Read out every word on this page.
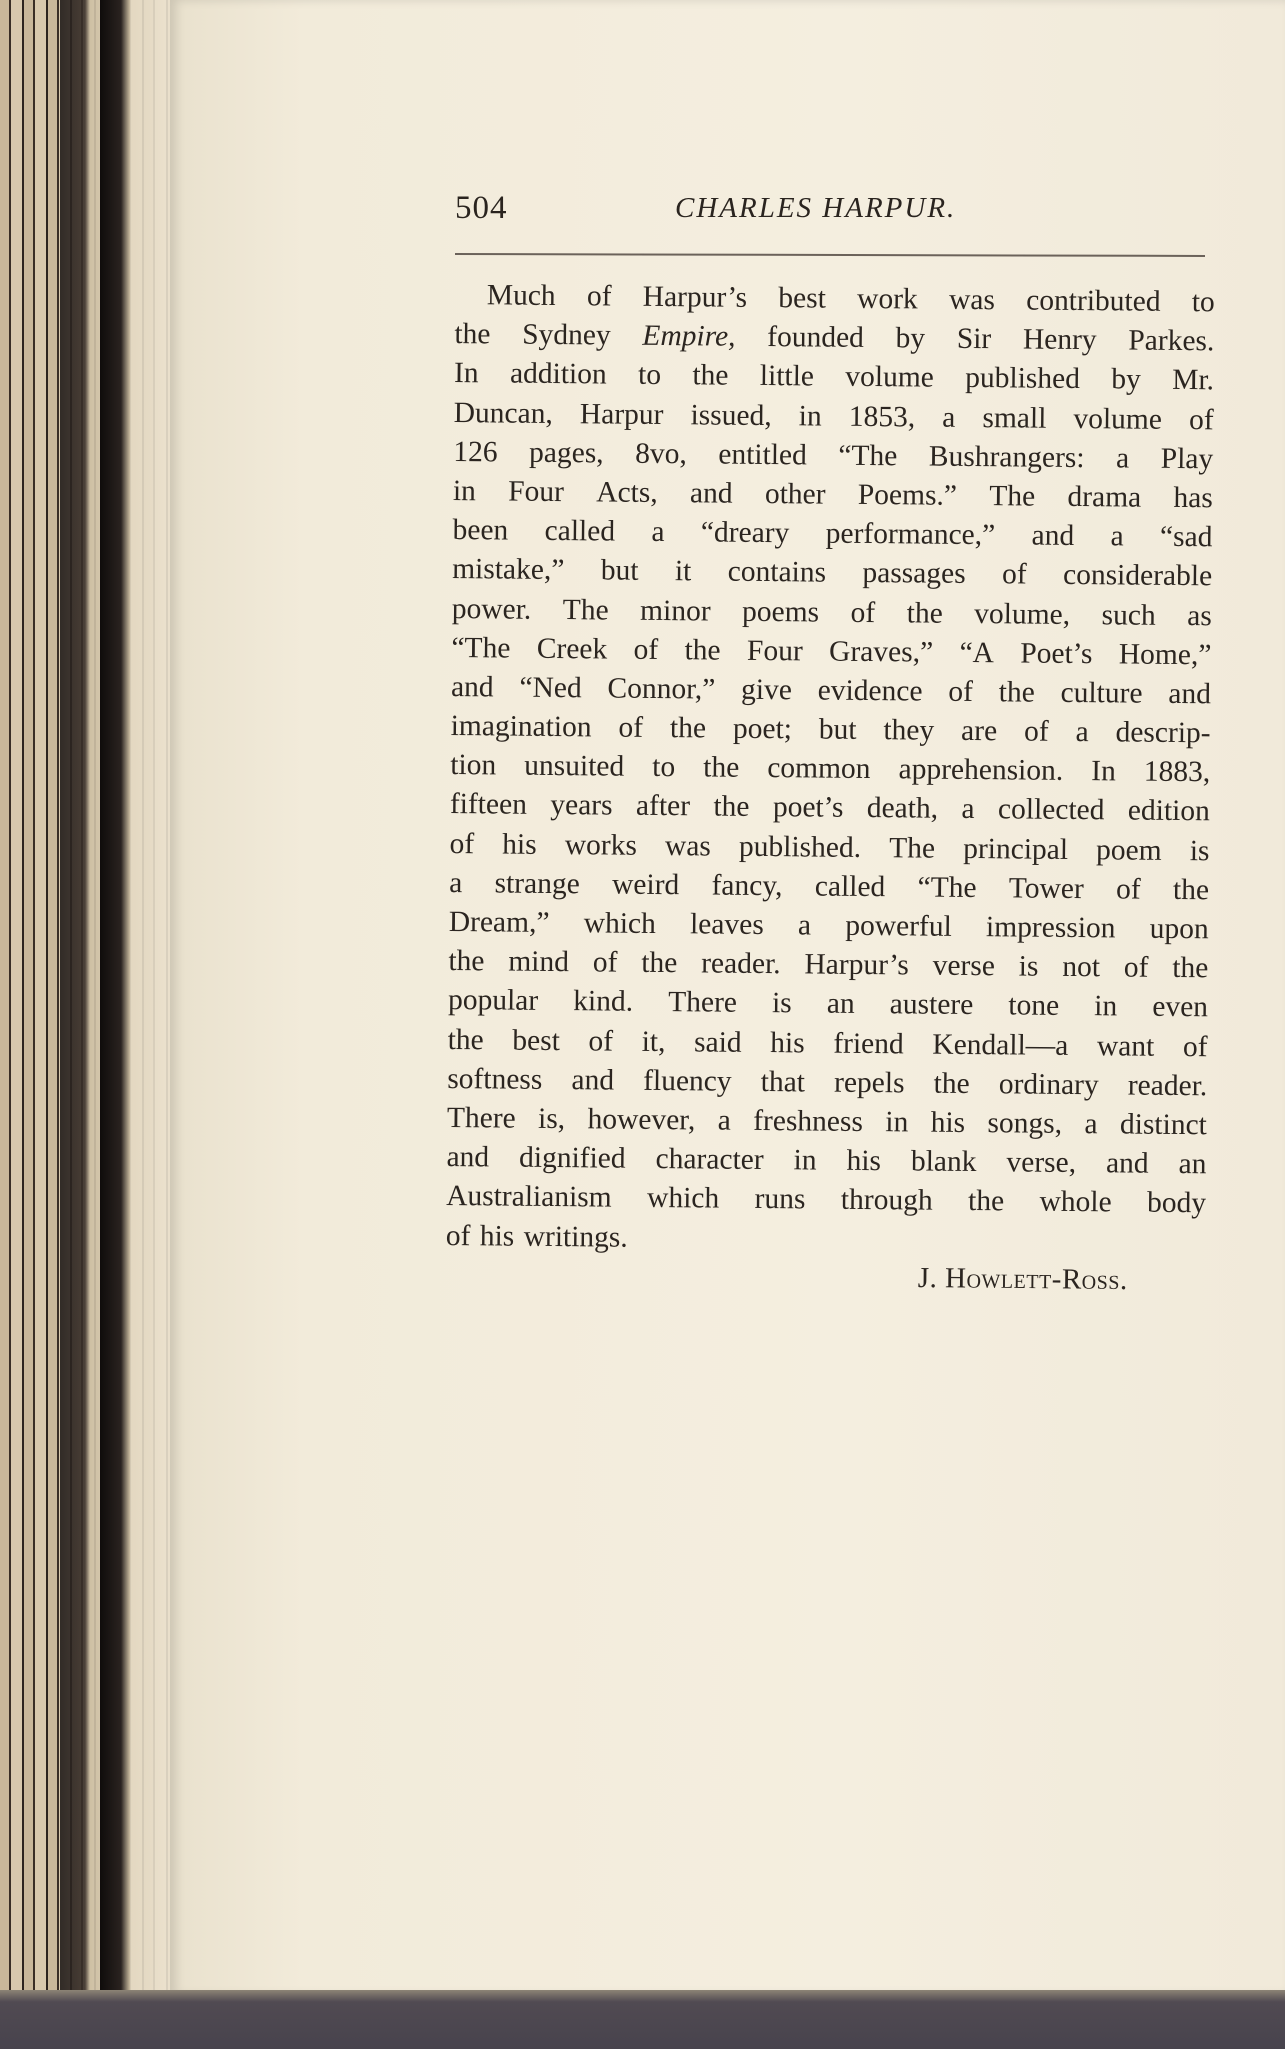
504	CHARLES HARPUR.
Much of Harpur’s best work was contributed to
the Sydney Empire, founded by Sir Henry Parkes.
In addition to the little volume published by Mr.
Duncan, Harpur issued, in 1853, a small volume of
126 pages, 8vo, entitled “The Bushrangers: a Play
in Four Acts, and other Poems.” The drama has
been called a “dreary performance,” and a “sad
mistake,” but it contains passages of considerable
power. The minor poems of the volume, such as
“The Creek of the Four Graves,” “A Poet’s Home,”
and “Ned Connor,” give evidence of the culture and
imagination of the poet; but they are of a descrip-
tion unsuited to the common apprehension. In 1883,
fifteen years after the poet’s death, a collected edition
of his works was published. The principal poem is
a strange weird fancy, called “The Tower of the
Dream,” which leaves a powerful impression upon
the mind of the reader. Harpur’s verse is not of the
popular kind. There is an austere tone in even
the best of it, said his friend Kendall—a want of
softness and fluency that repels the ordinary reader.
There is, however, a freshness in his songs, a distinct
and dignified character in his blank verse, and an
Australianism which runs through the whole body
of his writings.
J. Howlett-Ross.
